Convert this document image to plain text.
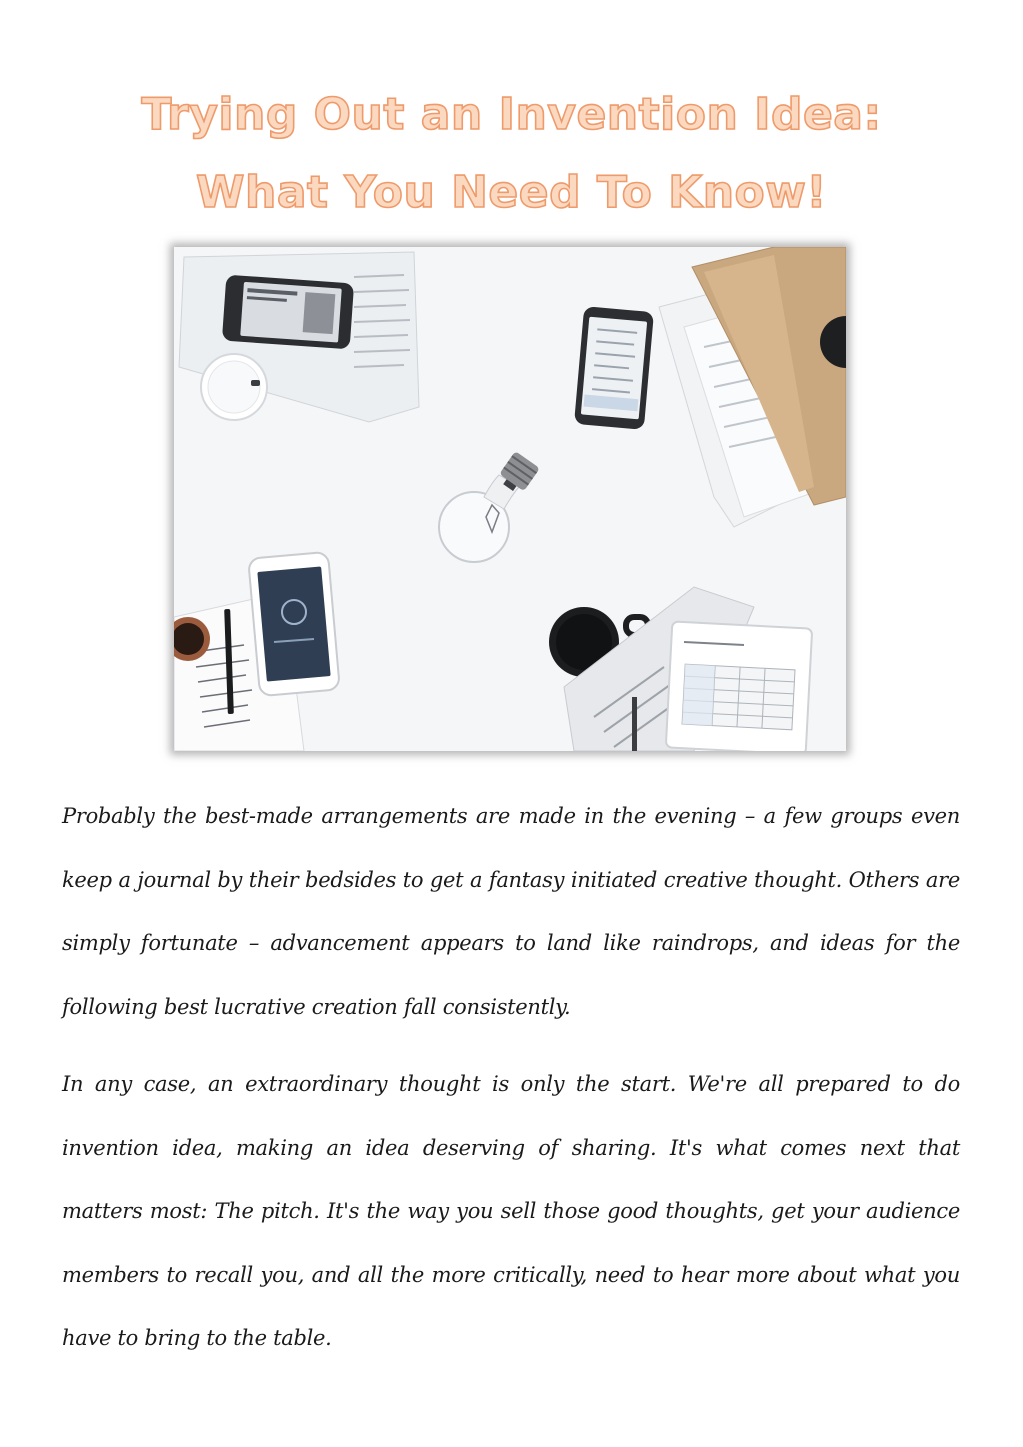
Trying Out an Invention Idea:
What You Need To Know!

Probably the best-made arrangements are made in the evening – a few groups even keep a journal by their bedsides to get a fantasy initiated creative thought. Others are simply fortunate – advancement appears to land like raindrops, and ideas for the following best lucrative creation fall consistently.

In any case, an extraordinary thought is only the start. We're all prepared to do invention idea, making an idea deserving of sharing. It's what comes next that matters most: The pitch. It's the way you sell those good thoughts, get your audience members to recall you, and all the more critically, need to hear more about what you have to bring to the table.
